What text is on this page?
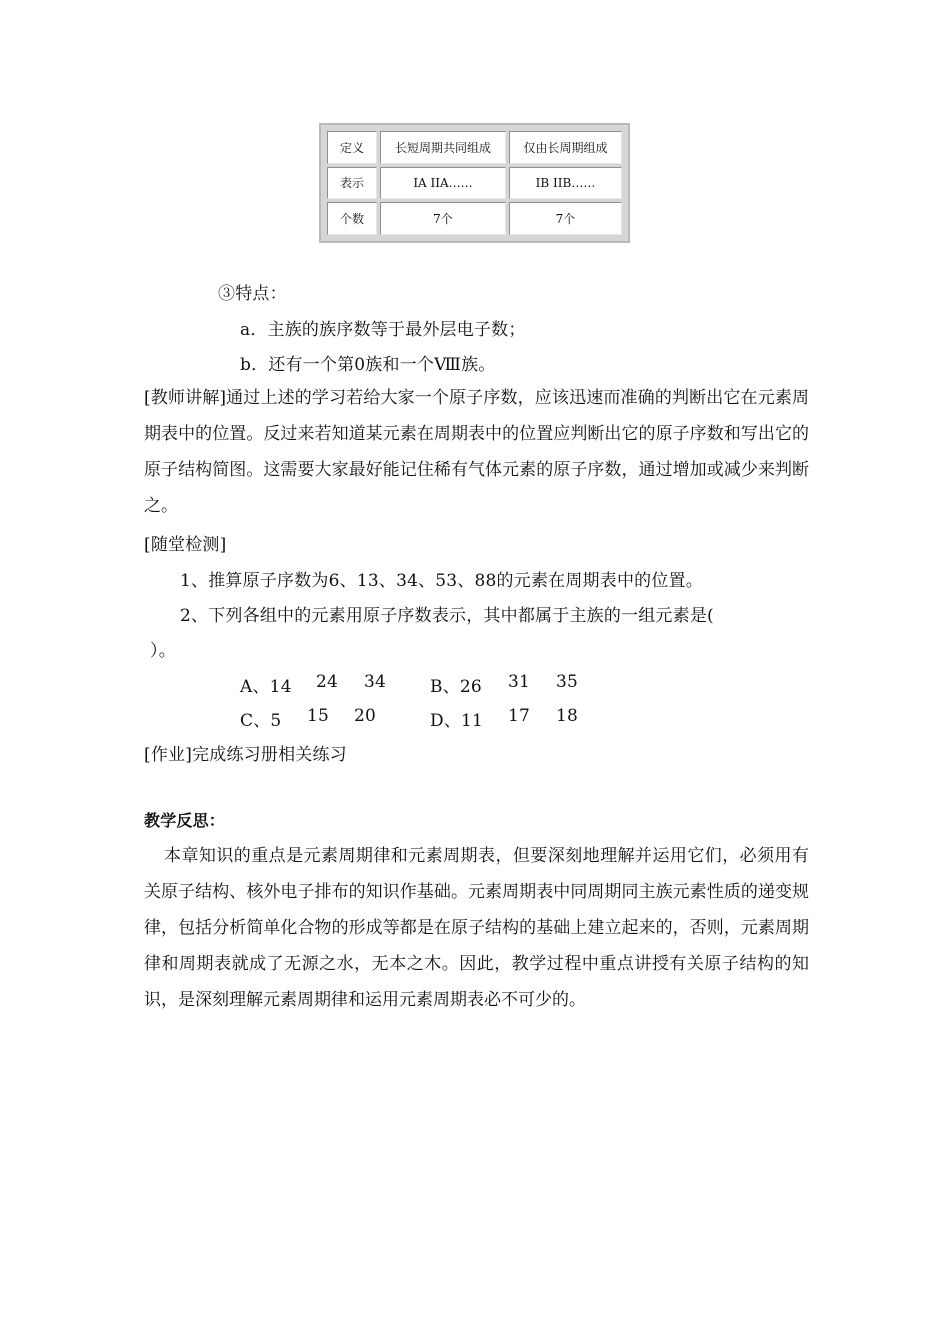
定义	长短周期共同组成	仅由长周期组成
表示	IA IIA……	IB IIB……
个数	7个	7个
③特点：
a．主族的族序数等于最外层电子数；
b．还有一个第0族和一个Ⅷ族。
[教师讲解]通过上述的学习若给大家一个原子序数，应该迅速而准确的判断出它在元素周期表中的位置。反过来若知道某元素在周期表中的位置应判断出它的原子序数和写出它的原子结构简图。这需要大家最好能记住稀有气体元素的原子序数，通过增加或减少来判断之。
[随堂检测]
1、推算原子序数为6、13、34、53、88的元素在周期表中的位置。
2、下列各组中的元素用原子序数表示，其中都属于主族的一组元素是(
）。
A、14 24 34	B、26 31 35
C、5 15 20	D、11 17 18
[作业]完成练习册相关练习
教学反思：
本章知识的重点是元素周期律和元素周期表，但要深刻地理解并运用它们，必须用有关原子结构、核外电子排布的知识作基础。元素周期表中同周期同主族元素性质的递变规律，包括分析简单化合物的形成等都是在原子结构的基础上建立起来的，否则，元素周期律和周期表就成了无源之水，无本之木。因此，教学过程中重点讲授有关原子结构的知识，是深刻理解元素周期律和运用元素周期表必不可少的。
